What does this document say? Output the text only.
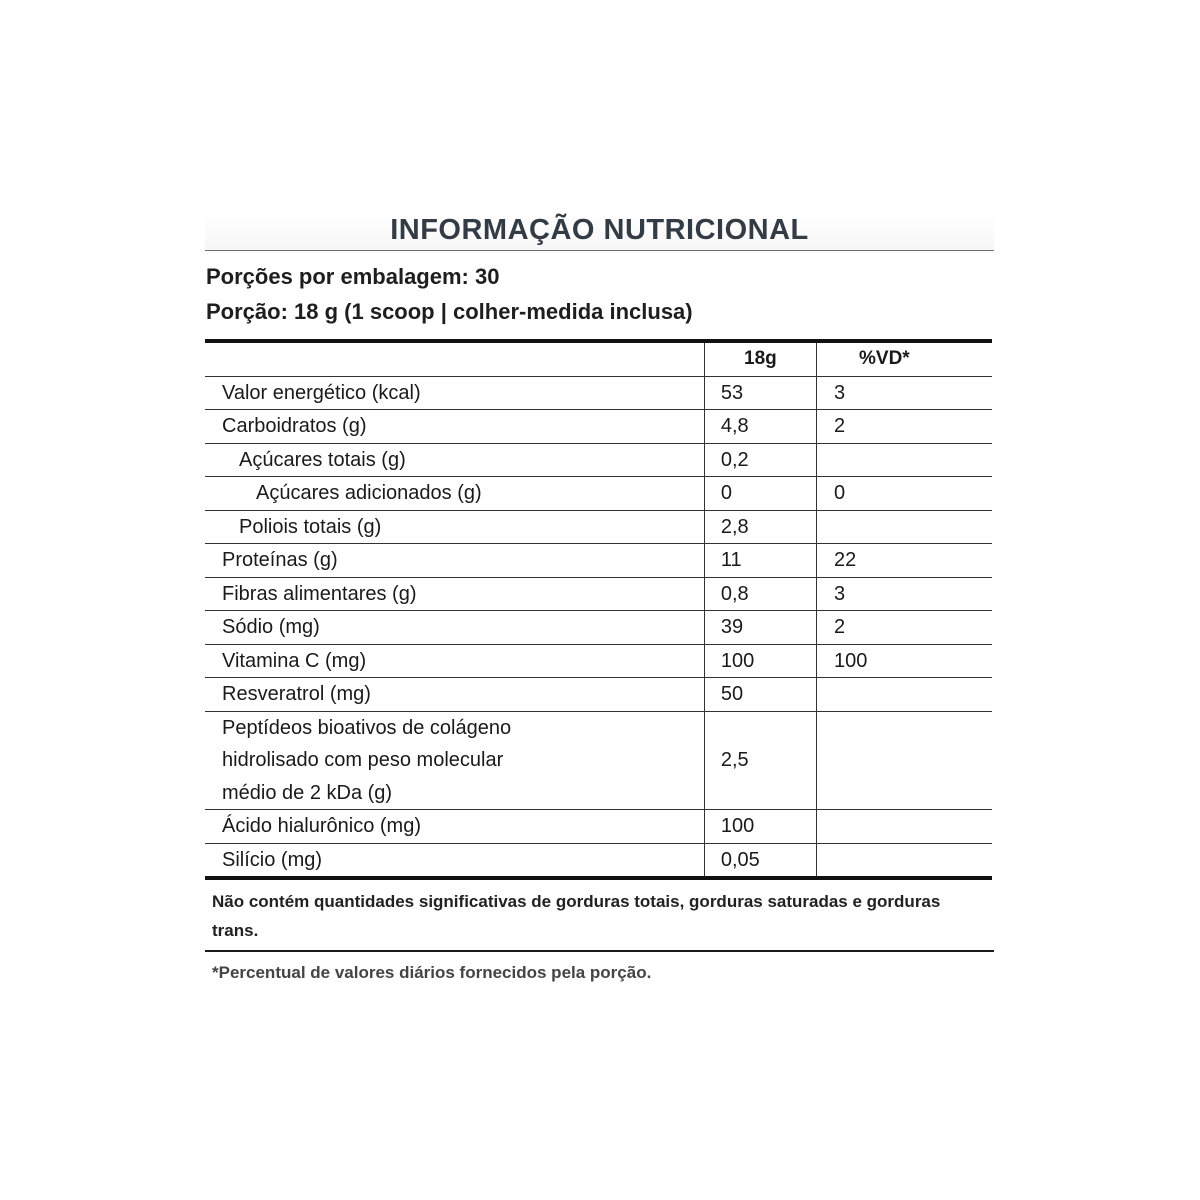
INFORMAÇÃO NUTRICIONAL
Porções por embalagem: 30
Porção: 18 g (1 scoop | colher-medida inclusa)
	18g	%VD*

Valor energético (kcal)	53	3

Carboidratos (g)	4,8	2

Açúcares totais (g)	0,2	

Açúcares adicionados (g)	0	0

Poliois totais (g)	2,8	

Proteínas (g)	11	22

Fibras alimentares (g)	0,8	3

Sódio (mg)	39	2

Vitamina C (mg)	100	100

Resveratrol (mg)	50	

Peptídeos bioativos de colágeno
hidrolisado com peso molecular
médio de 2 kDa (g)	2,5	

Ácido hialurônico (mg)	100	

Silício (mg)	0,05	
Não contém quantidades significativas de gorduras totais, gorduras saturadas e gorduras trans.
*Percentual de valores diários fornecidos pela porção.
